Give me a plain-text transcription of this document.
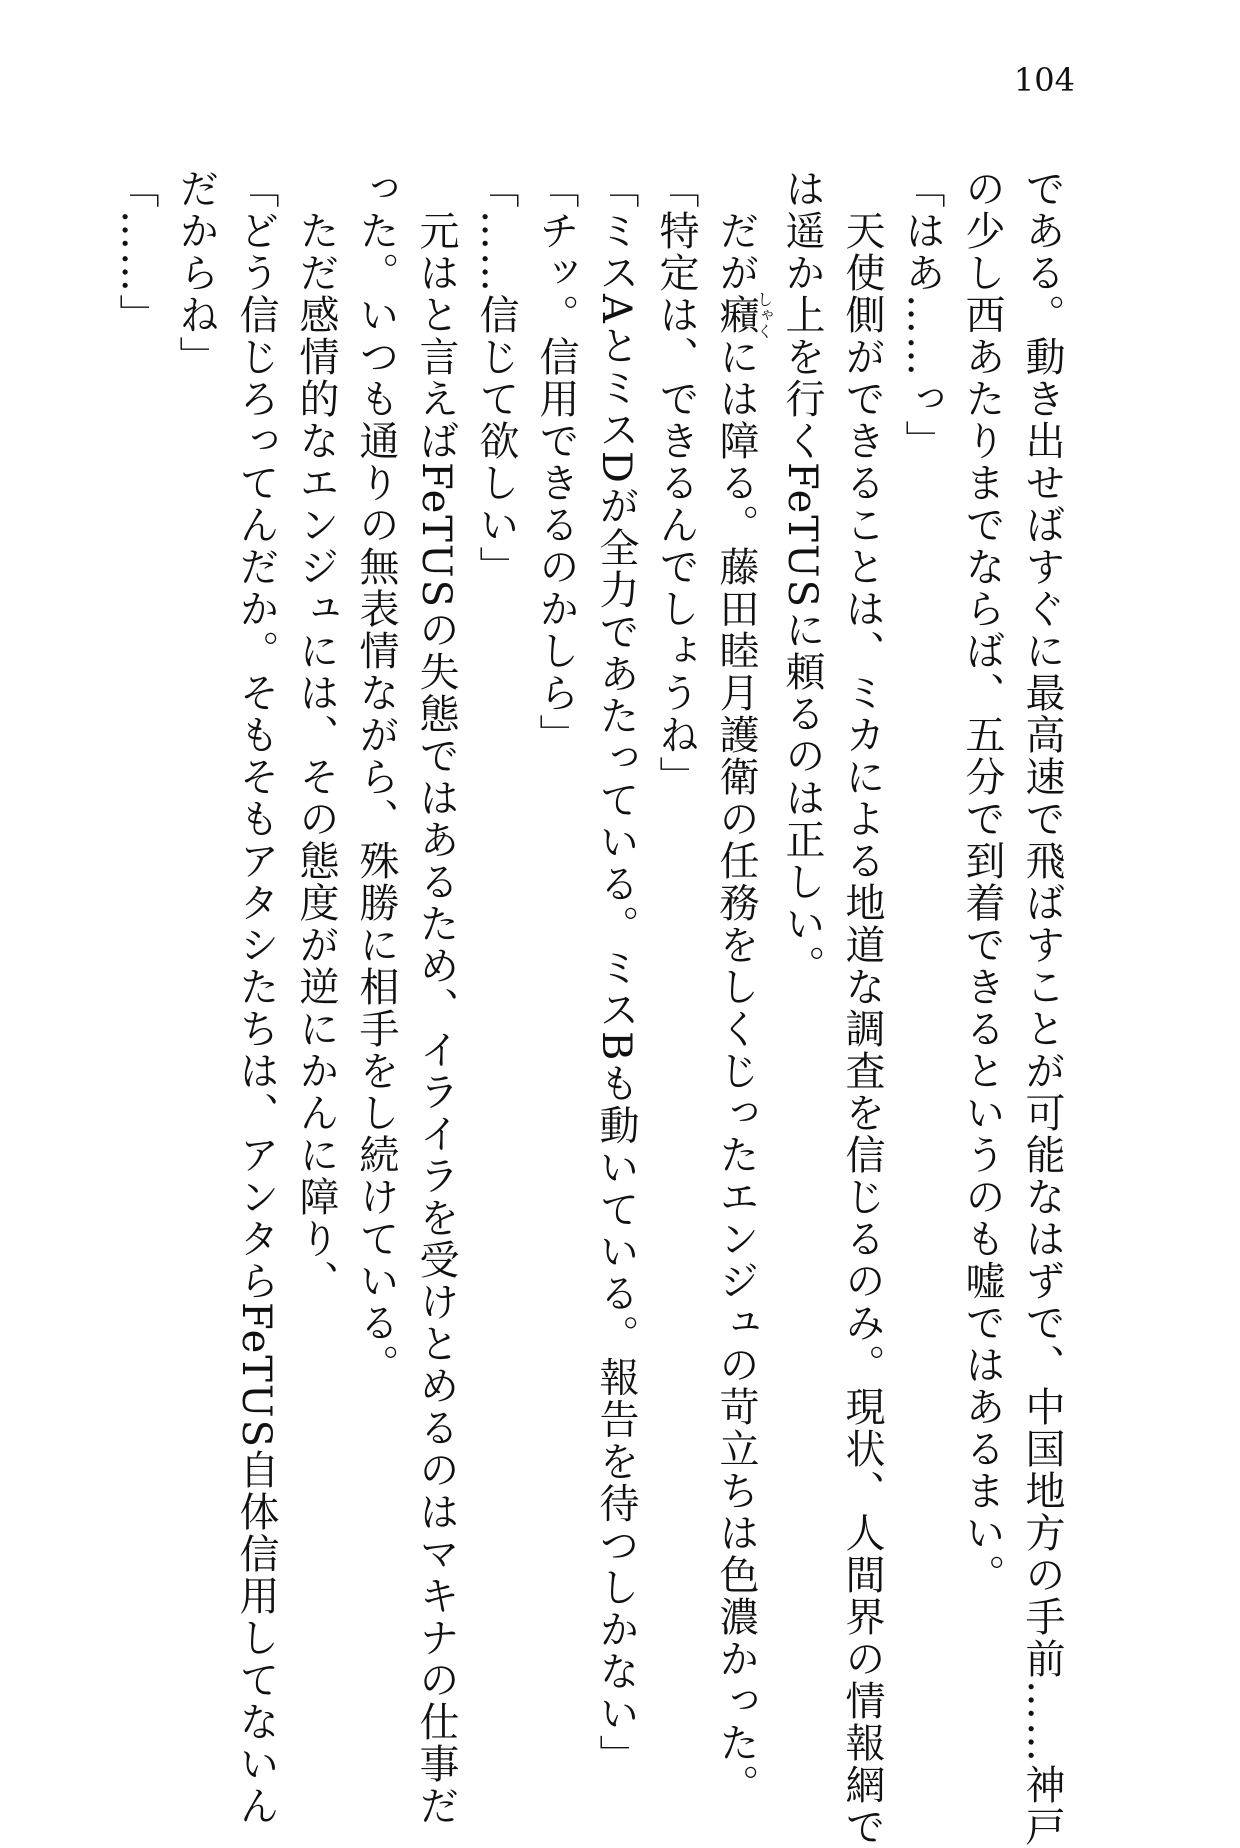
104
である。動き出せばすぐに最高速で飛ばすことが可能なはずで、中国地方の手前……神戸
の少し西あたりまでならば、五分で到着できるというのも嘘ではあるまい。
「はあ……っ」
　天使側ができることは、ミカによる地道な調査を信じるのみ。現状、人間界の情報網で
は遥か上を行くFeTUSに頼るのは正しい。
　だが癪しゃくには障る。藤田睦月護衛の任務をしくじったエンジュの苛立ちは色濃かった。
「特定は、できるんでしょうね」
「ミスAとミスDが全力であたっている。ミスBも動いている。報告を待つしかない」
「チッ。信用できるのかしら」
「……信じて欲しい」
　元はと言えばFeTUSの失態ではあるため、イライラを受けとめるのはマキナの仕事だ
った。いつも通りの無表情ながら、殊勝に相手をし続けている。
　ただ感情的なエンジュには、その態度が逆にかんに障り、
「どう信じろってんだか。そもそもアタシたちは、アンタらFeTUS自体信用してないん
だからね」
「……」
